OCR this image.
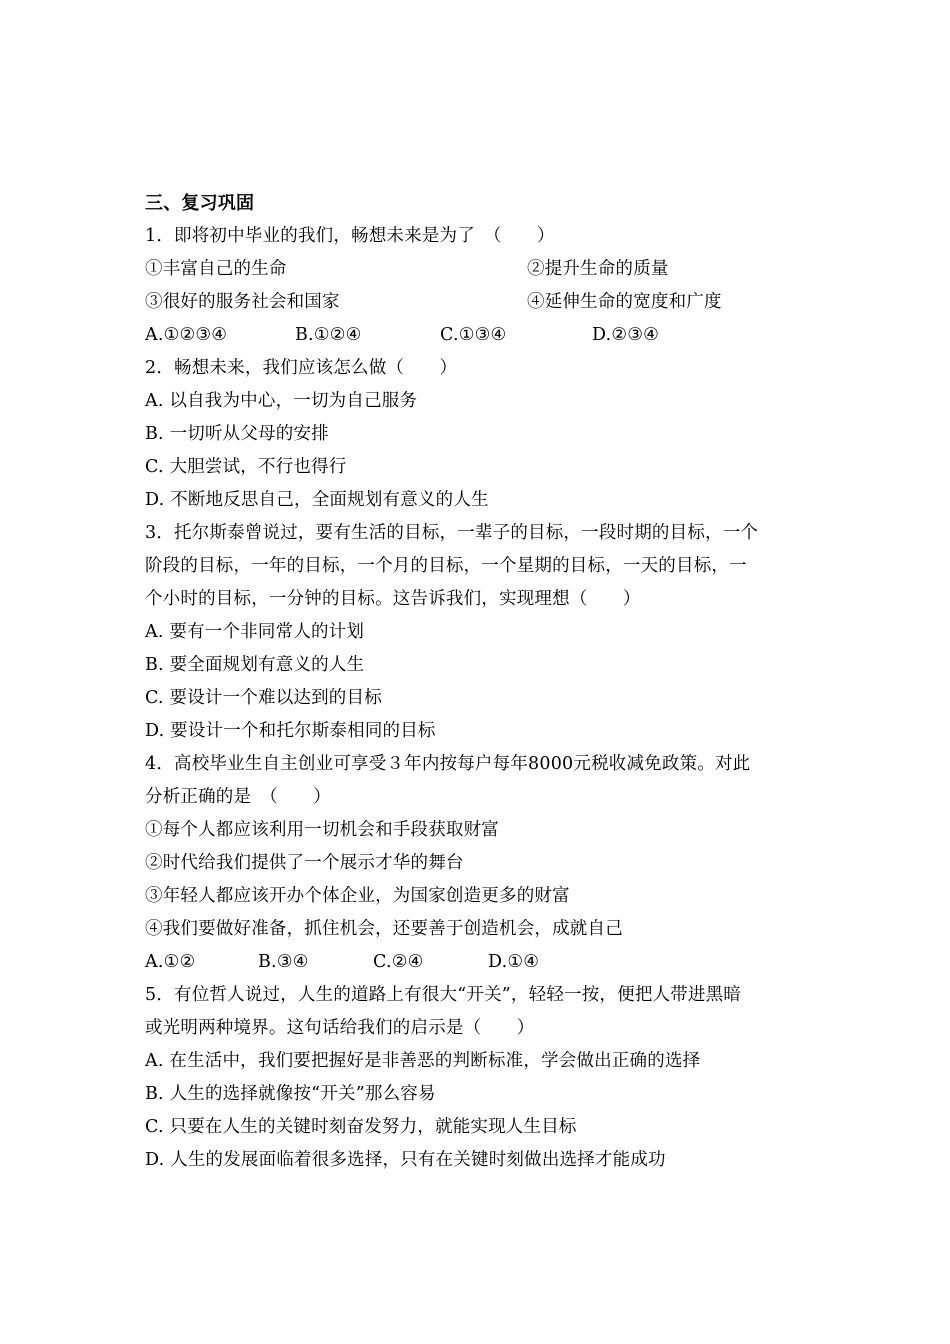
三、复习巩固
1．即将初中毕业的我们，畅想未来是为了　（　　）
①丰富自己的生命	②提升生命的质量
③很好的服务社会和国家	④延伸生命的宽度和广度
A.①②③④	B.①②④	C.①③④	D.②③④
2．畅想未来，我们应该怎么做（　　）
A. 以自我为中心，一切为自己服务
B. 一切听从父母的安排
C. 大胆尝试，不行也得行
D. 不断地反思自己，全面规划有意义的人生
3．托尔斯泰曾说过，要有生活的目标，一辈子的目标，一段时期的目标，一个
阶段的目标，一年的目标，一个月的目标，一个星期的目标，一天的目标，一
个小时的目标，一分钟的目标。这告诉我们，实现理想（　　）
A. 要有一个非同常人的计划
B. 要全面规划有意义的人生
C. 要设计一个难以达到的目标
D. 要设计一个和托尔斯泰相同的目标
4．高校毕业生自主创业可享受３年内按每户每年8000元税收减免政策。对此
分析正确的是　（　　）
①每个人都应该利用一切机会和手段获取财富
②时代给我们提供了一个展示才华的舞台
③年轻人都应该开办个体企业，为国家创造更多的财富
④我们要做好准备，抓住机会，还要善于创造机会，成就自己
A.①②	B.③④	C.②④	D.①④
5．有位哲人说过，人生的道路上有很大“开关”，轻轻一按，便把人带进黑暗
或光明两种境界。这句话给我们的启示是（　　）
A. 在生活中，我们要把握好是非善恶的判断标准，学会做出正确的选择
B. 人生的选择就像按“开关”那么容易
C. 只要在人生的关键时刻奋发努力，就能实现人生目标
D. 人生的发展面临着很多选择，只有在关键时刻做出选择才能成功
